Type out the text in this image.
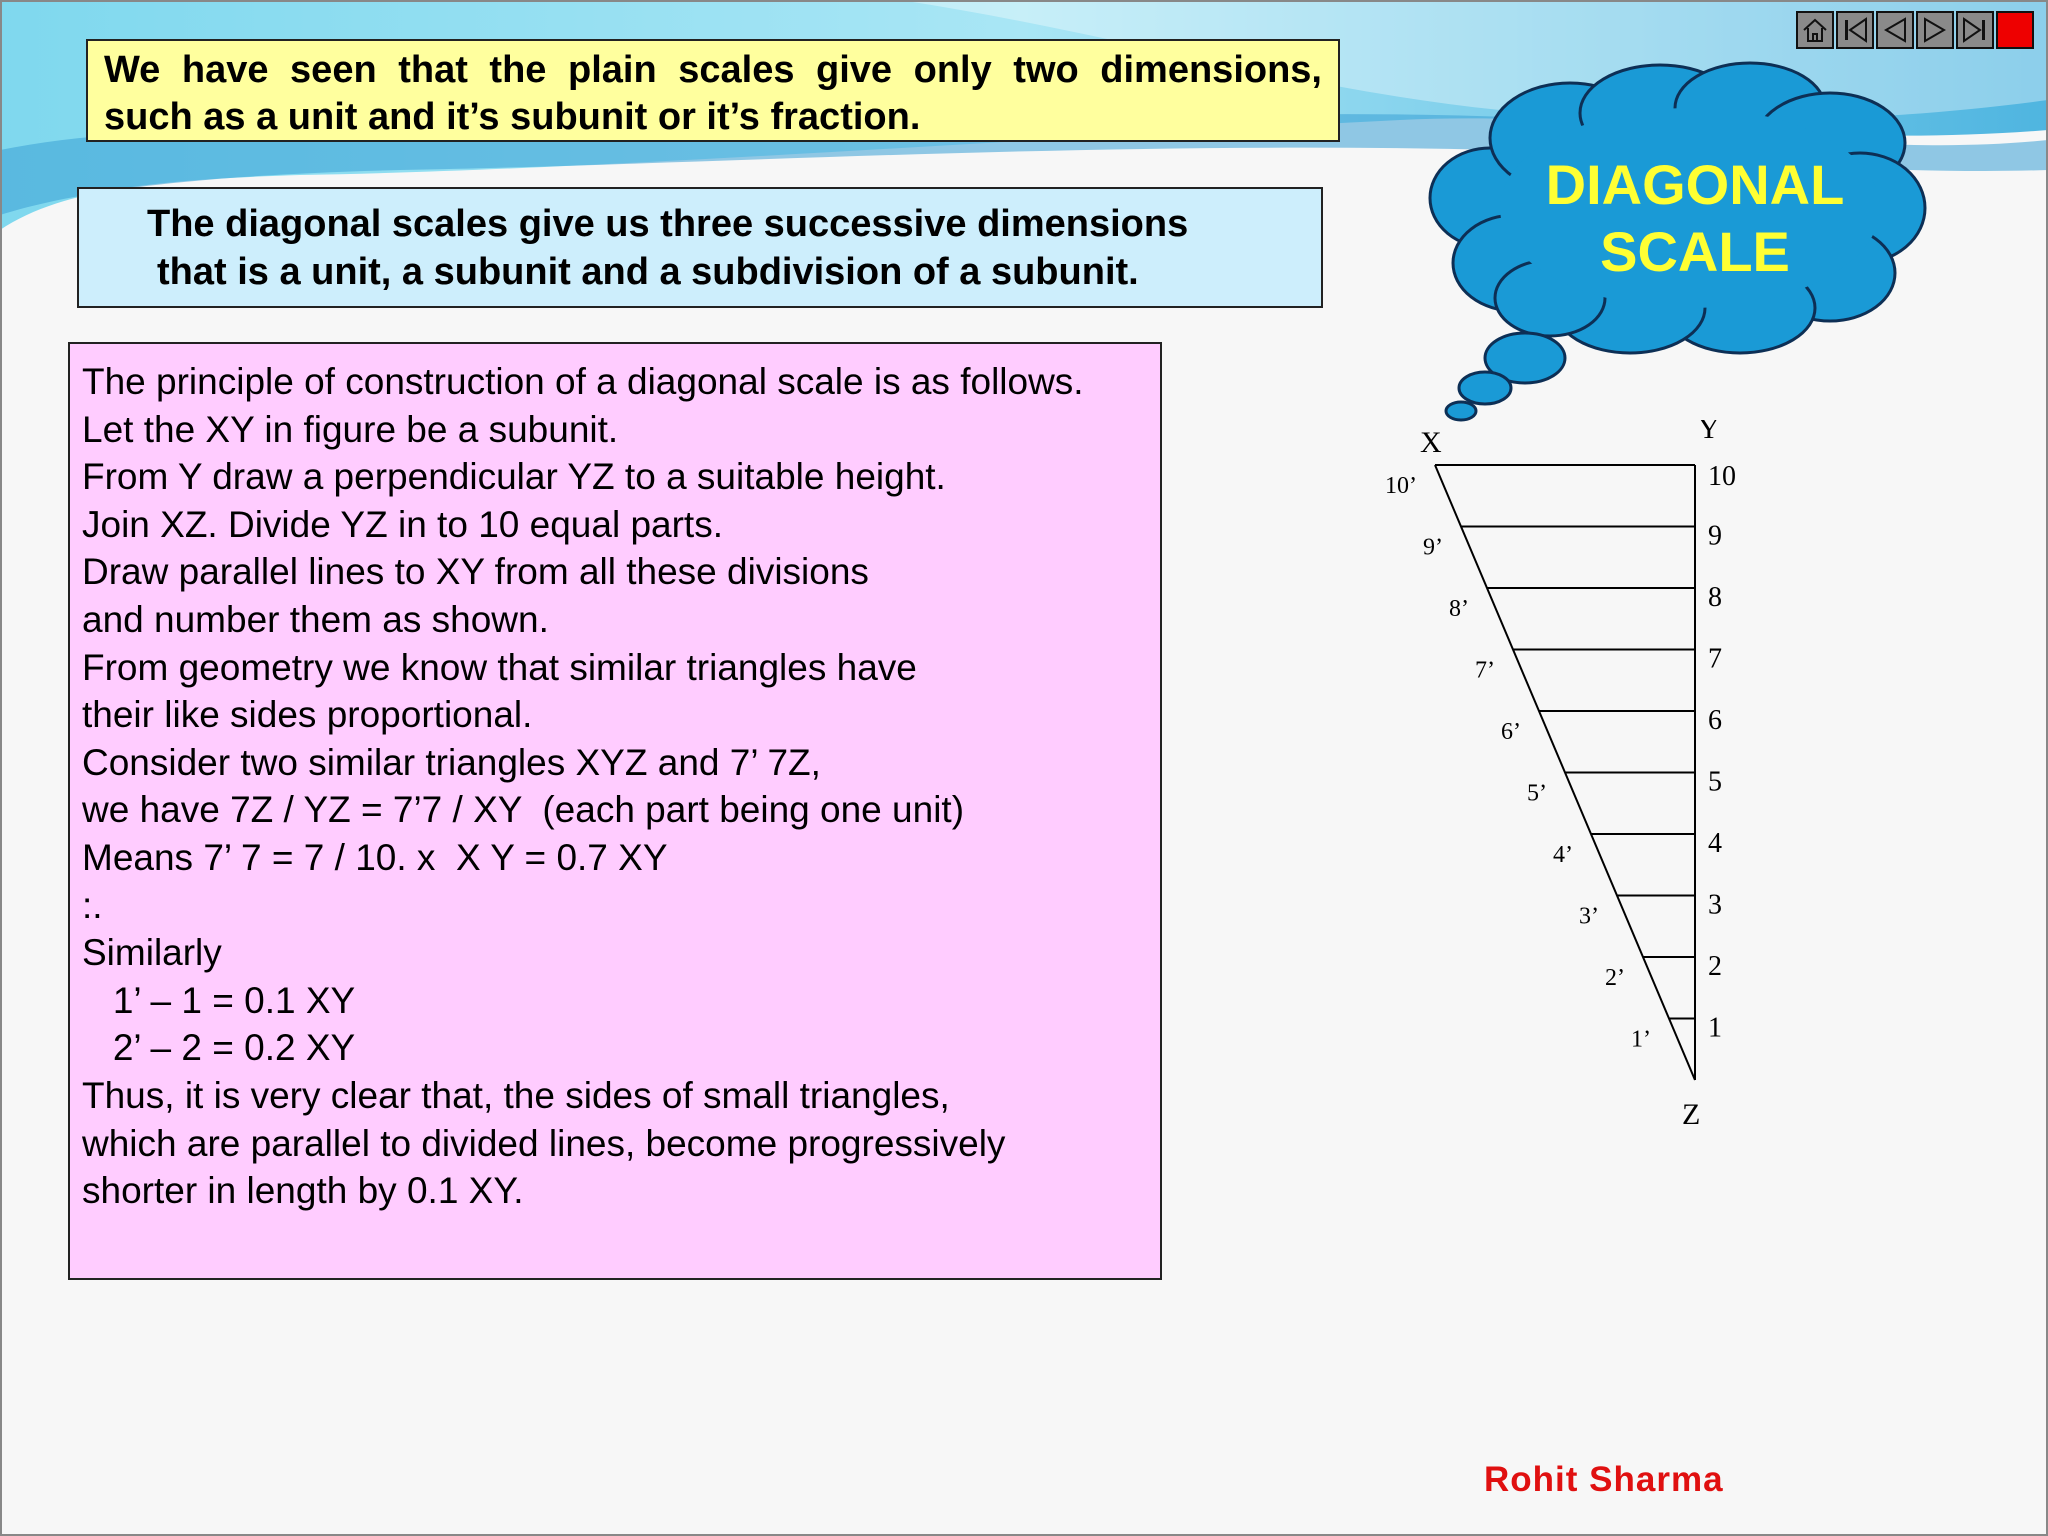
We have seen that the plain scales give only two dimensions,

such as a unit and it’s subunit or it’s fraction.

The diagonal scales give us three successive dimensions

that is a unit, a subunit and a subdivision of a subunit.

DIAGONAL
SCALE

The principle of construction of a diagonal scale is as follows.

Let the XY in figure be a subunit.

From Y draw a perpendicular YZ to a suitable height.

Join XZ. Divide YZ in to 10 equal parts.

Draw parallel lines to XY from all these divisions

and number them as shown.

From geometry we know that similar triangles have

their like sides proportional.

Consider two similar triangles XYZ and 7’ 7Z,

we have 7Z / YZ = 7’7 / XY  (each part being one unit)

Means 7’ 7 = 7 / 10. x  X Y = 0.7 XY

:.

Similarly

1’ – 1 = 0.1 XY

2’ – 2 = 0.2 XY

Thus, it is very clear that, the sides of small triangles,

which are parallel to divided lines, become progressively

shorter in length by 0.1 XY.

X	Y
Z
10
10’
9
9’
8
8’
7
7’
6
6’
5
5’
4
4’
3
3’
2
2’
1
1’
Rohit Sharma
